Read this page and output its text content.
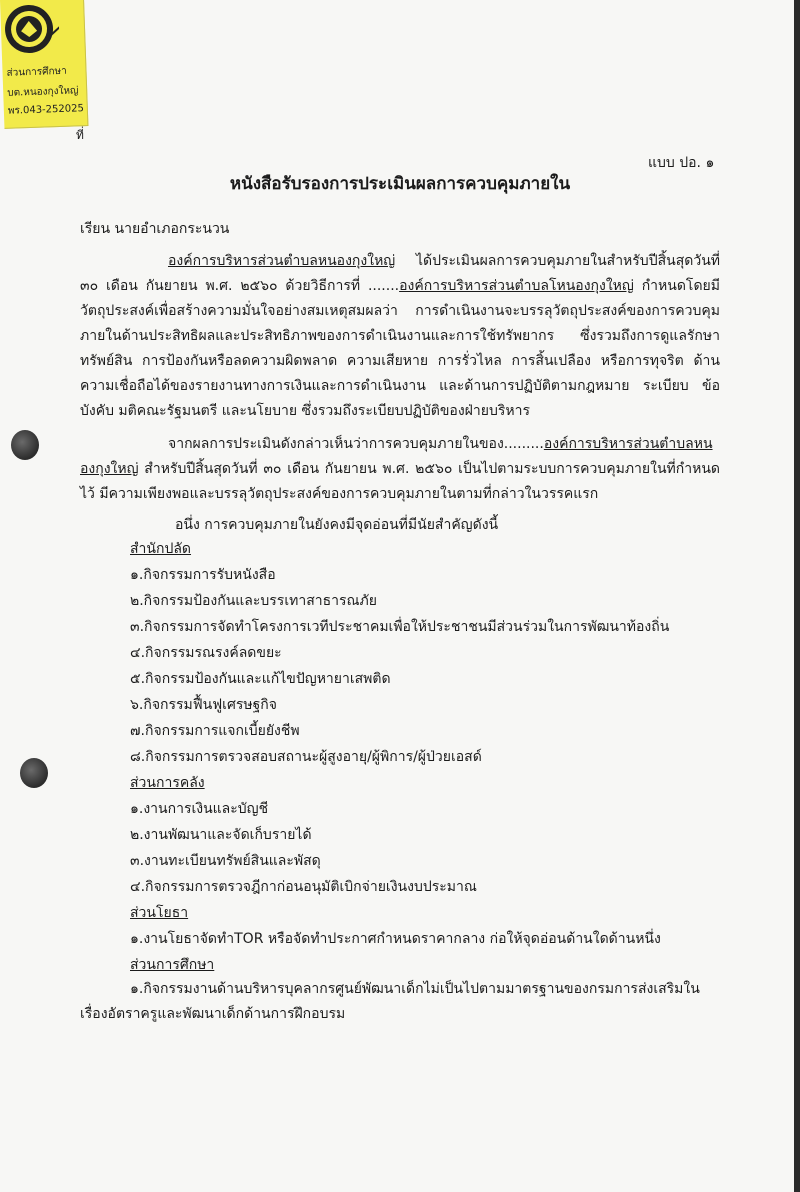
ส่วนการศึกษา
บต.หนองกุงใหญ่
พร.043-252025
ที่
แบบ ปอ. ๑
หนังสือรับรองการประเมินผลการควบคุมภายใน
เรียน นายอำเภอกระนวน
องค์การบริหารส่วนตำบลหนองกุงใหญ่ ได้ประเมินผลการควบคุมภายในสำหรับปีสิ้นสุดวันที่ ๓๐ เดือน กันยายน พ.ศ. ๒๕๖๐ ด้วยวิธีการที่ .......องค์การบริหารส่วนตำบลโหนองกุงใหญ่ กำหนดโดยมีวัตถุประสงค์เพื่อสร้างความมั่นใจอย่างสมเหตุสมผลว่า การดำเนินงานจะบรรลุวัตถุประสงค์ของการควบคุมภายในด้านประสิทธิผลและประสิทธิภาพของการดำเนินงานและการใช้ทรัพยากร ซึ่งรวมถึงการดูแลรักษาทรัพย์สิน การป้องกันหรือลดความผิดพลาด ความเสียหาย การรั่วไหล การสิ้นเปลือง หรือการทุจริต ด้านความเชื่อถือได้ของรายงานทางการเงินและการดำเนินงาน และด้านการปฏิบัติตามกฎหมาย ระเบียบ ข้อบังคับ มติคณะรัฐมนตรี และนโยบาย ซึ่งรวมถึงระเบียบปฏิบัติของฝ่ายบริหาร
จากผลการประเมินดังกล่าวเห็นว่าการควบคุมภายในของ.........องค์การบริหารส่วนตำบลหนองกุงใหญ่ สำหรับปีสิ้นสุดวันที่ ๓๐ เดือน กันยายน พ.ศ. ๒๕๖๐ เป็นไปตามระบบการควบคุมภายในที่กำหนดไว้ มีความเพียงพอและบรรลุวัตถุประสงค์ของการควบคุมภายในตามที่กล่าวในวรรคแรก
อนึ่ง การควบคุมภายในยังคงมีจุดอ่อนที่มีนัยสำคัญดังนี้
สำนักปลัด
๑.กิจกรรมการรับหนังสือ
๒.กิจกรรมป้องกันและบรรเทาสาธารณภัย
๓.กิจกรรมการจัดทำโครงการเวทีประชาคมเพื่อให้ประชาชนมีส่วนร่วมในการพัฒนาท้องถิ่น
๔.กิจกรรมรณรงค์ลดขยะ
๕.กิจกรรมป้องกันและแก้ไขปัญหายาเสพติด
๖.กิจกรรมฟื้นฟูเศรษฐกิจ
๗.กิจกรรมการแจกเบี้ยยังชีพ
๘.กิจกรรมการตรวจสอบสถานะผู้สูงอายุ/ผู้พิการ/ผู้ป่วยเอสด์
ส่วนการคลัง
๑.งานการเงินและบัญชี
๒.งานพัฒนาและจัดเก็บรายได้
๓.งานทะเบียนทรัพย์สินและพัสดุ
๔.กิจกรรมการตรวจฎีกาก่อนอนุมัติเบิกจ่ายเงินงบประมาณ
ส่วนโยธา
๑.งานโยธาจัดทำTOR หรือจัดทำประกาศกำหนดราคากลาง ก่อให้จุดอ่อนด้านใดด้านหนึ่ง
ส่วนการศึกษา
๑.กิจกรรมงานด้านบริหารบุคลากรศูนย์พัฒนาเด็กไม่เป็นไปตามมาตรฐานของกรมการส่งเสริมในเรื่องอัตราครูและพัฒนาเด็กด้านการฝึกอบรม
